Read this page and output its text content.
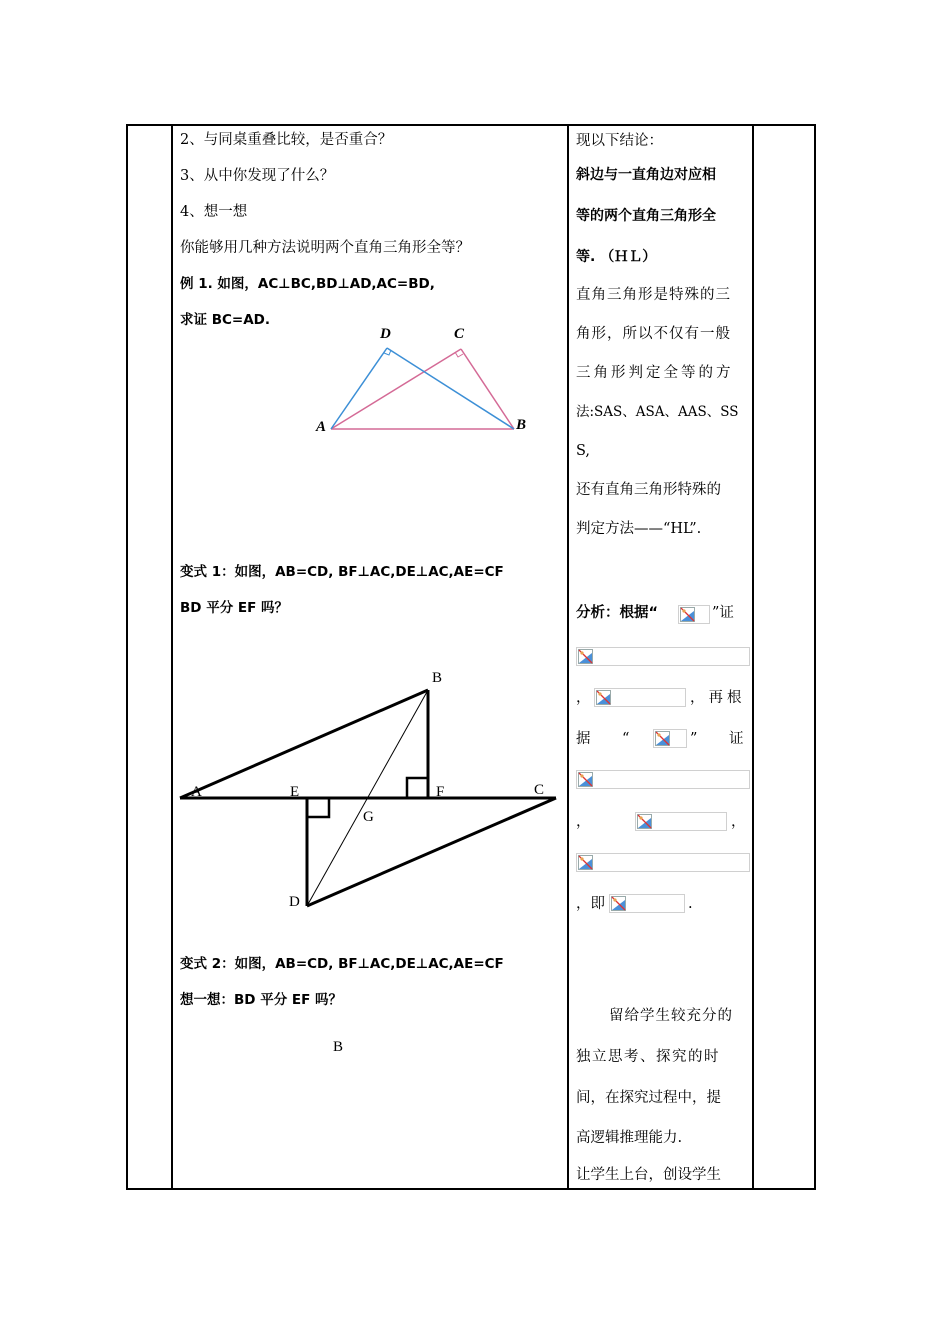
2、与同桌重叠比较，是否重合？
3、从中你发现了什么？
4、想一想
你能够用几种方法说明两个直角三角形全等？
例 1. 如图，AC⊥BC,BD⊥AD,AC=BD,
求证 BC=AD.
D	C
A	B
变式 1：如图，AB=CD, BF⊥AC,DE⊥AC,AE=CF
BD 平分 EF 吗？
B
A	E	F	C
G
D
变式 2：如图，AB=CD, BF⊥AC,DE⊥AC,AE=CF
想一想：BD 平分 EF 吗？
B
现以下结论：
斜边与一直角边对应相
等的两个直角三角形全
等. （ＨＬ）
直角三角形是特殊的三
角形，所以不仅有一般
三角形判定全等的方
法:SAS、ASA、AAS、SS
S,
还有直角三角形特殊的
判定方法——“HL”.
分析：根据“	”证
，	，再根
据 “	” 证
，	，
，即	.
留给学生较充分的
独立思考、探究的时
间，在探究过程中，提
高逻辑推理能力.
让学生上台，创设学生
